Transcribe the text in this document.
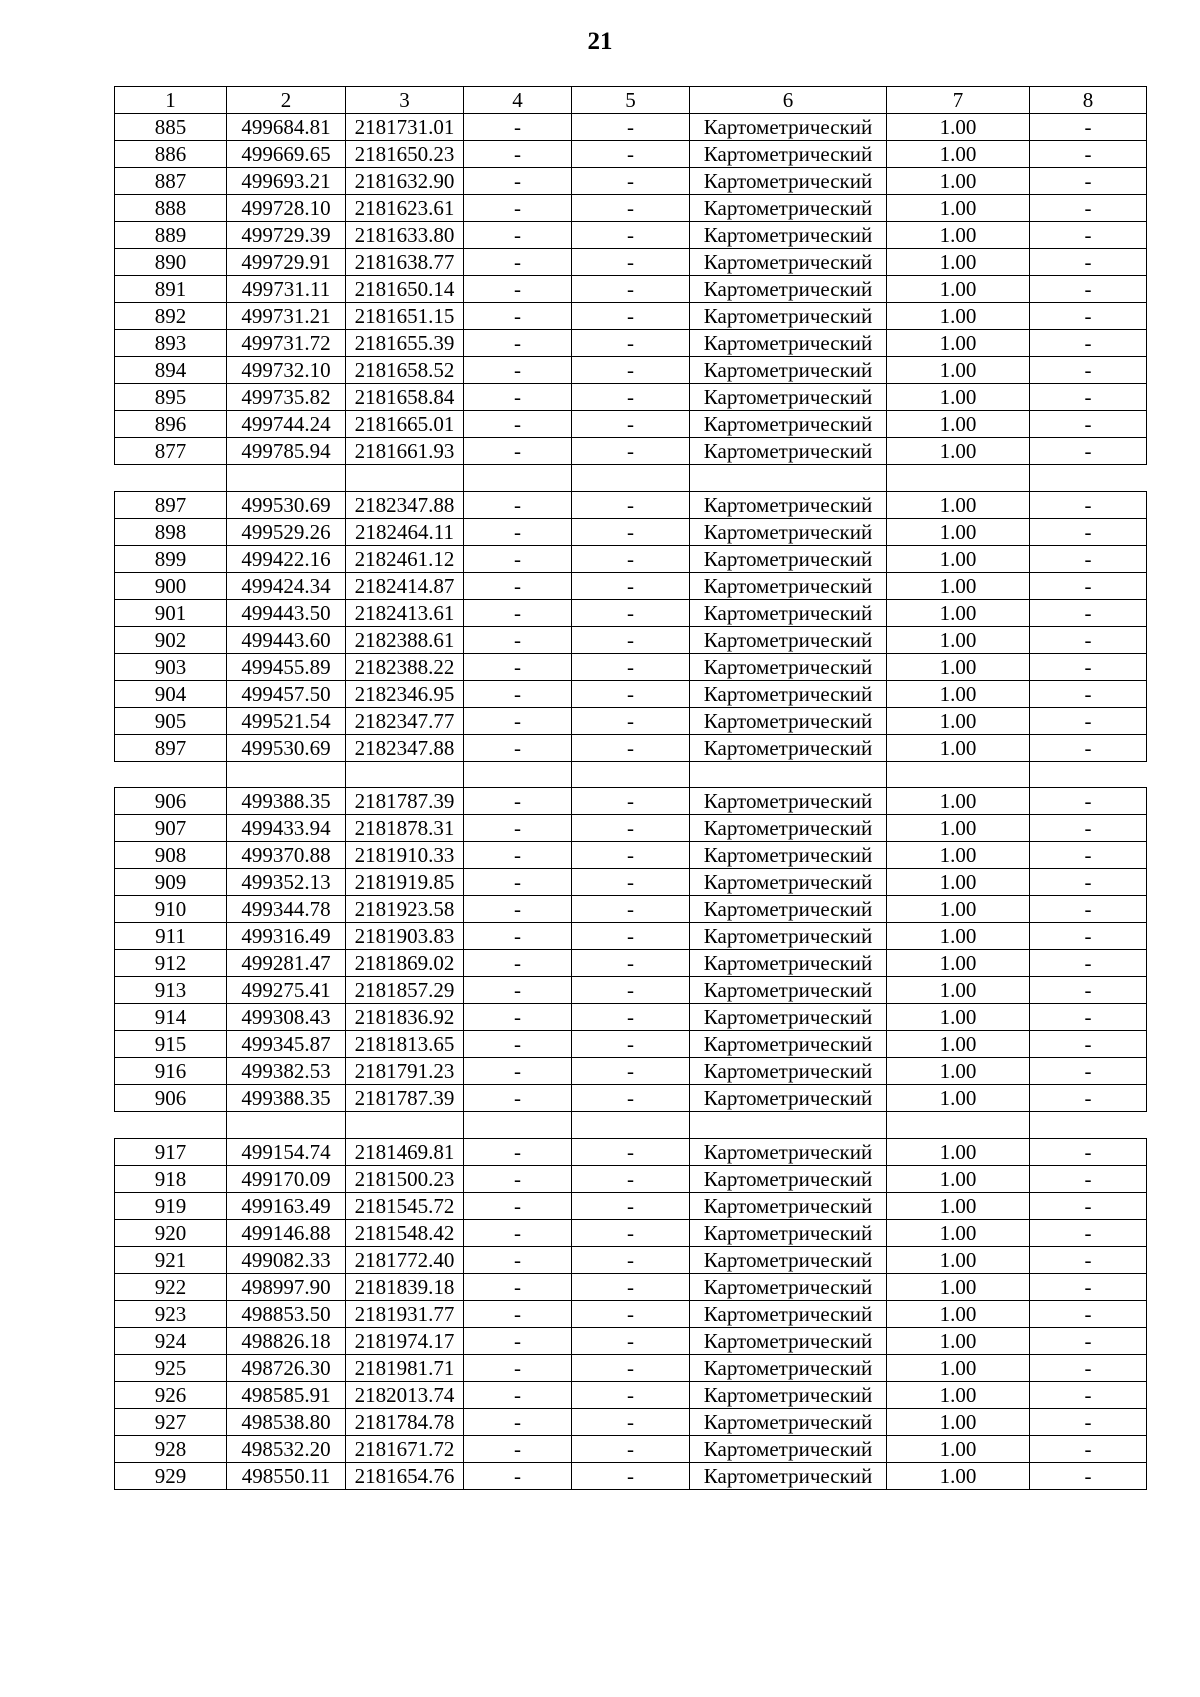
21
1	2	3	4	5	6	7	8
885	499684.81	2181731.01	-	-	Картометрический	1.00	-
886	499669.65	2181650.23	-	-	Картометрический	1.00	-
887	499693.21	2181632.90	-	-	Картометрический	1.00	-
888	499728.10	2181623.61	-	-	Картометрический	1.00	-
889	499729.39	2181633.80	-	-	Картометрический	1.00	-
890	499729.91	2181638.77	-	-	Картометрический	1.00	-
891	499731.11	2181650.14	-	-	Картометрический	1.00	-
892	499731.21	2181651.15	-	-	Картометрический	1.00	-
893	499731.72	2181655.39	-	-	Картометрический	1.00	-
894	499732.10	2181658.52	-	-	Картометрический	1.00	-
895	499735.82	2181658.84	-	-	Картометрический	1.00	-
896	499744.24	2181665.01	-	-	Картометрический	1.00	-
877	499785.94	2181661.93	-	-	Картометрический	1.00	-

897	499530.69	2182347.88	-	-	Картометрический	1.00	-
898	499529.26	2182464.11	-	-	Картометрический	1.00	-
899	499422.16	2182461.12	-	-	Картометрический	1.00	-
900	499424.34	2182414.87	-	-	Картометрический	1.00	-
901	499443.50	2182413.61	-	-	Картометрический	1.00	-
902	499443.60	2182388.61	-	-	Картометрический	1.00	-
903	499455.89	2182388.22	-	-	Картометрический	1.00	-
904	499457.50	2182346.95	-	-	Картометрический	1.00	-
905	499521.54	2182347.77	-	-	Картометрический	1.00	-
897	499530.69	2182347.88	-	-	Картометрический	1.00	-

906	499388.35	2181787.39	-	-	Картометрический	1.00	-
907	499433.94	2181878.31	-	-	Картометрический	1.00	-
908	499370.88	2181910.33	-	-	Картометрический	1.00	-
909	499352.13	2181919.85	-	-	Картометрический	1.00	-
910	499344.78	2181923.58	-	-	Картометрический	1.00	-
911	499316.49	2181903.83	-	-	Картометрический	1.00	-
912	499281.47	2181869.02	-	-	Картометрический	1.00	-
913	499275.41	2181857.29	-	-	Картометрический	1.00	-
914	499308.43	2181836.92	-	-	Картометрический	1.00	-
915	499345.87	2181813.65	-	-	Картометрический	1.00	-
916	499382.53	2181791.23	-	-	Картометрический	1.00	-
906	499388.35	2181787.39	-	-	Картометрический	1.00	-

917	499154.74	2181469.81	-	-	Картометрический	1.00	-
918	499170.09	2181500.23	-	-	Картометрический	1.00	-
919	499163.49	2181545.72	-	-	Картометрический	1.00	-
920	499146.88	2181548.42	-	-	Картометрический	1.00	-
921	499082.33	2181772.40	-	-	Картометрический	1.00	-
922	498997.90	2181839.18	-	-	Картометрический	1.00	-
923	498853.50	2181931.77	-	-	Картометрический	1.00	-
924	498826.18	2181974.17	-	-	Картометрический	1.00	-
925	498726.30	2181981.71	-	-	Картометрический	1.00	-
926	498585.91	2182013.74	-	-	Картометрический	1.00	-
927	498538.80	2181784.78	-	-	Картометрический	1.00	-
928	498532.20	2181671.72	-	-	Картометрический	1.00	-
929	498550.11	2181654.76	-	-	Картометрический	1.00	-
